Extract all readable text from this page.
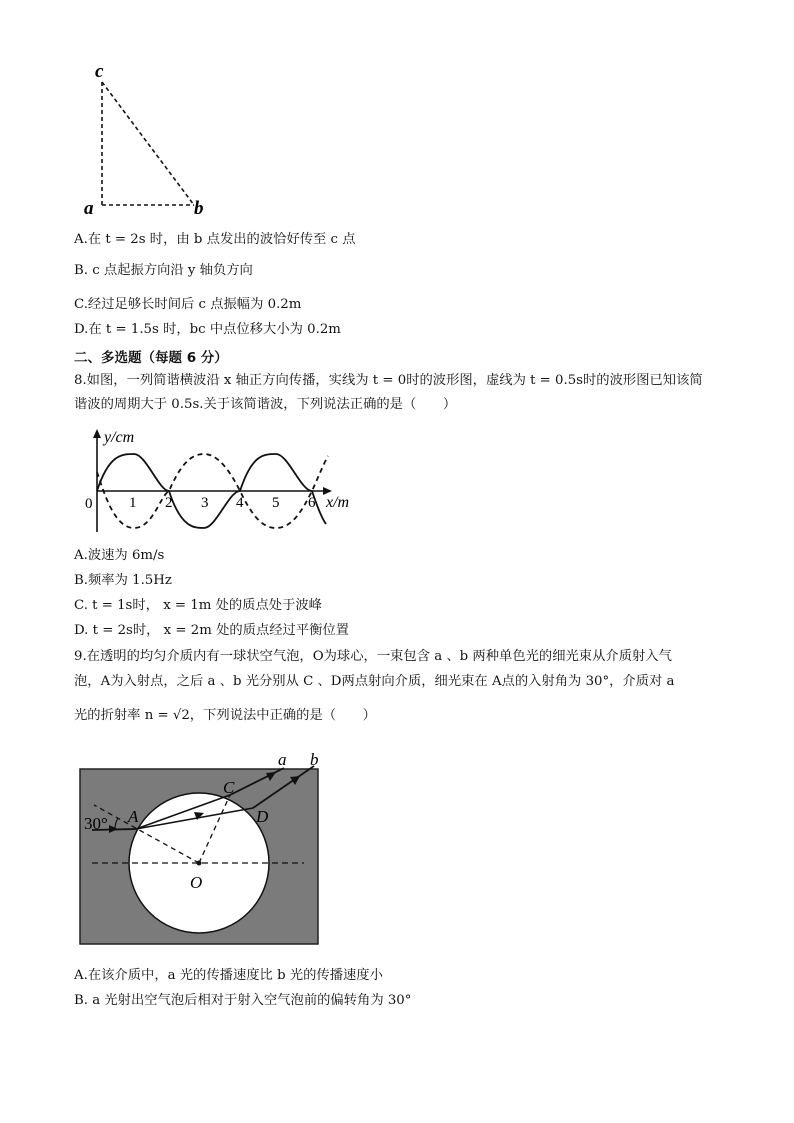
c
a	b
A.在 t = 2s 时，由 b 点发出的波恰好传至 c 点
B. c 点起振方向沿 y 轴负方向
C.经过足够长时间后 c 点振幅为 0.2m
D.在 t = 1.5s 时，bc 中点位移大小为 0.2m
二、多选题（每题 6 分）
8.如图，一列简谐横波沿 x 轴正方向传播，实线为 t = 0时的波形图，虚线为 t = 0.5s时的波形图已知该简
谐波的周期大于 0.5s.关于该简谐波，下列说法正确的是（　　）
y/cm
x/m
0 1 2 3 4 5 6
A.波速为 6m/s
B.频率为 1.5Hz
C. t = 1s时， x = 1m 处的质点处于波峰
D. t = 2s时， x = 2m 处的质点经过平衡位置
9.在透明的均匀介质内有一球状空气泡，O为球心，一束包含 a 、b 两种单色光的细光束从介质射入气
泡，A为入射点，之后 a 、b 光分别从 C 、D两点射向介质，细光束在 A点的入射角为 30°，介质对 a
光的折射率 n = √2，下列说法中正确的是（　　）
30° A
C
D
O
a b
A.在该介质中，a 光的传播速度比 b 光的传播速度小
B. a 光射出空气泡后相对于射入空气泡前的偏转角为 30°
